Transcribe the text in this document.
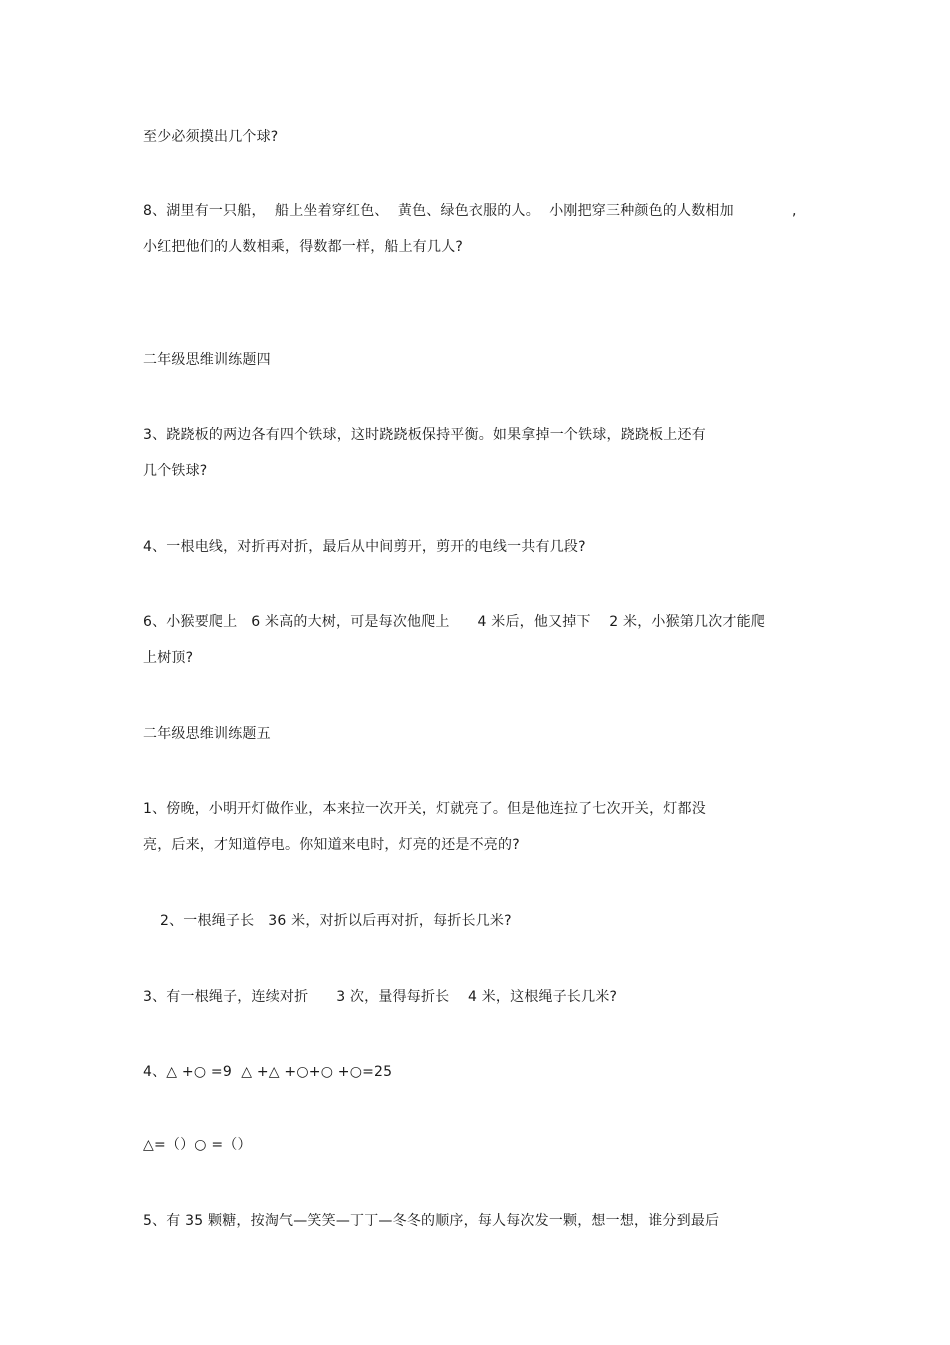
至少必须摸出几个球?
8、湖里有一只船，  船上坐着穿红色、  黄色、绿色衣服的人。  小刚把穿三种颜色的人数相加	,
小红把他们的人数相乘，得数都一样，船上有几人?
二年级思维训练题四
3、跷跷板的两边各有四个铁球，这时跷跷板保持平衡。如果拿掉一个铁球，跷跷板上还有
几个铁球?
4、一根电线，对折再对折，最后从中间剪开，剪开的电线一共有几段?
6、小猴要爬上   6 米高的大树，可是每次他爬上      4 米后，他又掉下    2 米，小猴第几次才能爬
上树顶?
二年级思维训练题五
1、傍晚，小明开灯做作业，本来拉一次开关，灯就亮了。但是他连拉了七次开关，灯都没
亮，后来，才知道停电。你知道来电时，灯亮的还是不亮的?
2、一根绳子长   36 米，对折以后再对折，每折长几米?
3、有一根绳子，连续对折      3 次，量得每折长    4 米，这根绳子长几米?
4、△ +○ =9  △ +△ +○+○ +○=25
△=（）○ =（）
5、有 35 颗糖，按淘气—笑笑—丁丁—冬冬的顺序，每人每次发一颗，想一想，谁分到最后
